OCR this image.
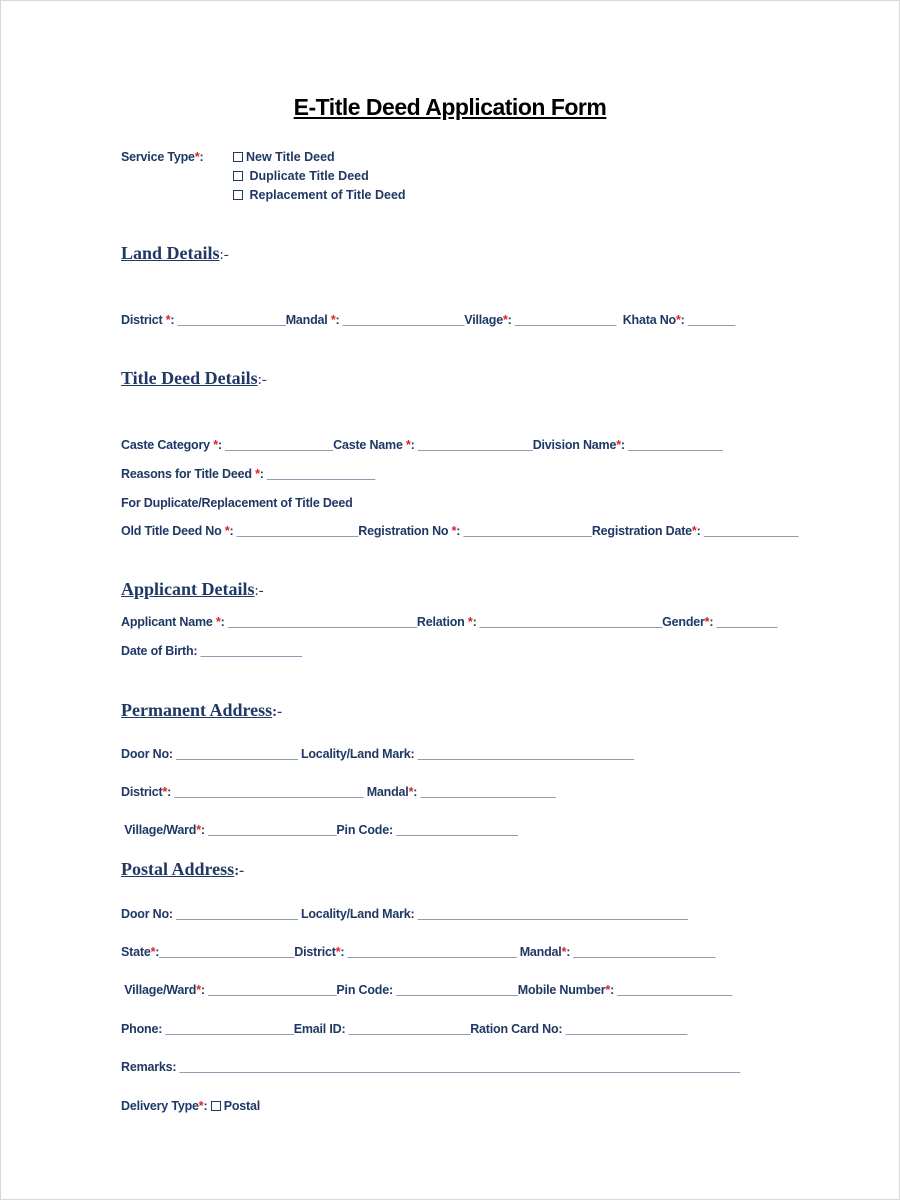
E-Title Deed Application Form
Service Type*:	New Title Deed
Duplicate Title Deed
Replacement of Title Deed
Land Details:-
District *: ________________Mandal *: __________________Village*: _______________  Khata No*: _______
Title Deed Details:-
Caste Category *: ________________Caste Name *: _________________Division Name*: ______________
Reasons for Title Deed *: ________________
For Duplicate/Replacement of Title Deed
Old Title Deed No *: __________________Registration No *: ___________________Registration Date*: ______________
Applicant Details:-
Applicant Name *: ____________________________Relation *: ___________________________Gender*: _________
Date of Birth: _______________
Permanent Address:-
Door No: __________________ Locality/Land Mark: ________________________________
District*: ____________________________ Mandal*: ____________________
Village/Ward*: ___________________Pin Code: __________________
Postal Address:-
Door No: __________________ Locality/Land Mark: ________________________________________
State*:____________________District*: _________________________ Mandal*: _____________________
Village/Ward*: ___________________Pin Code: __________________Mobile Number*: _________________
Phone: ___________________Email ID: __________________Ration Card No: __________________
Remarks: ___________________________________________________________________________________
Delivery Type*: Postal
